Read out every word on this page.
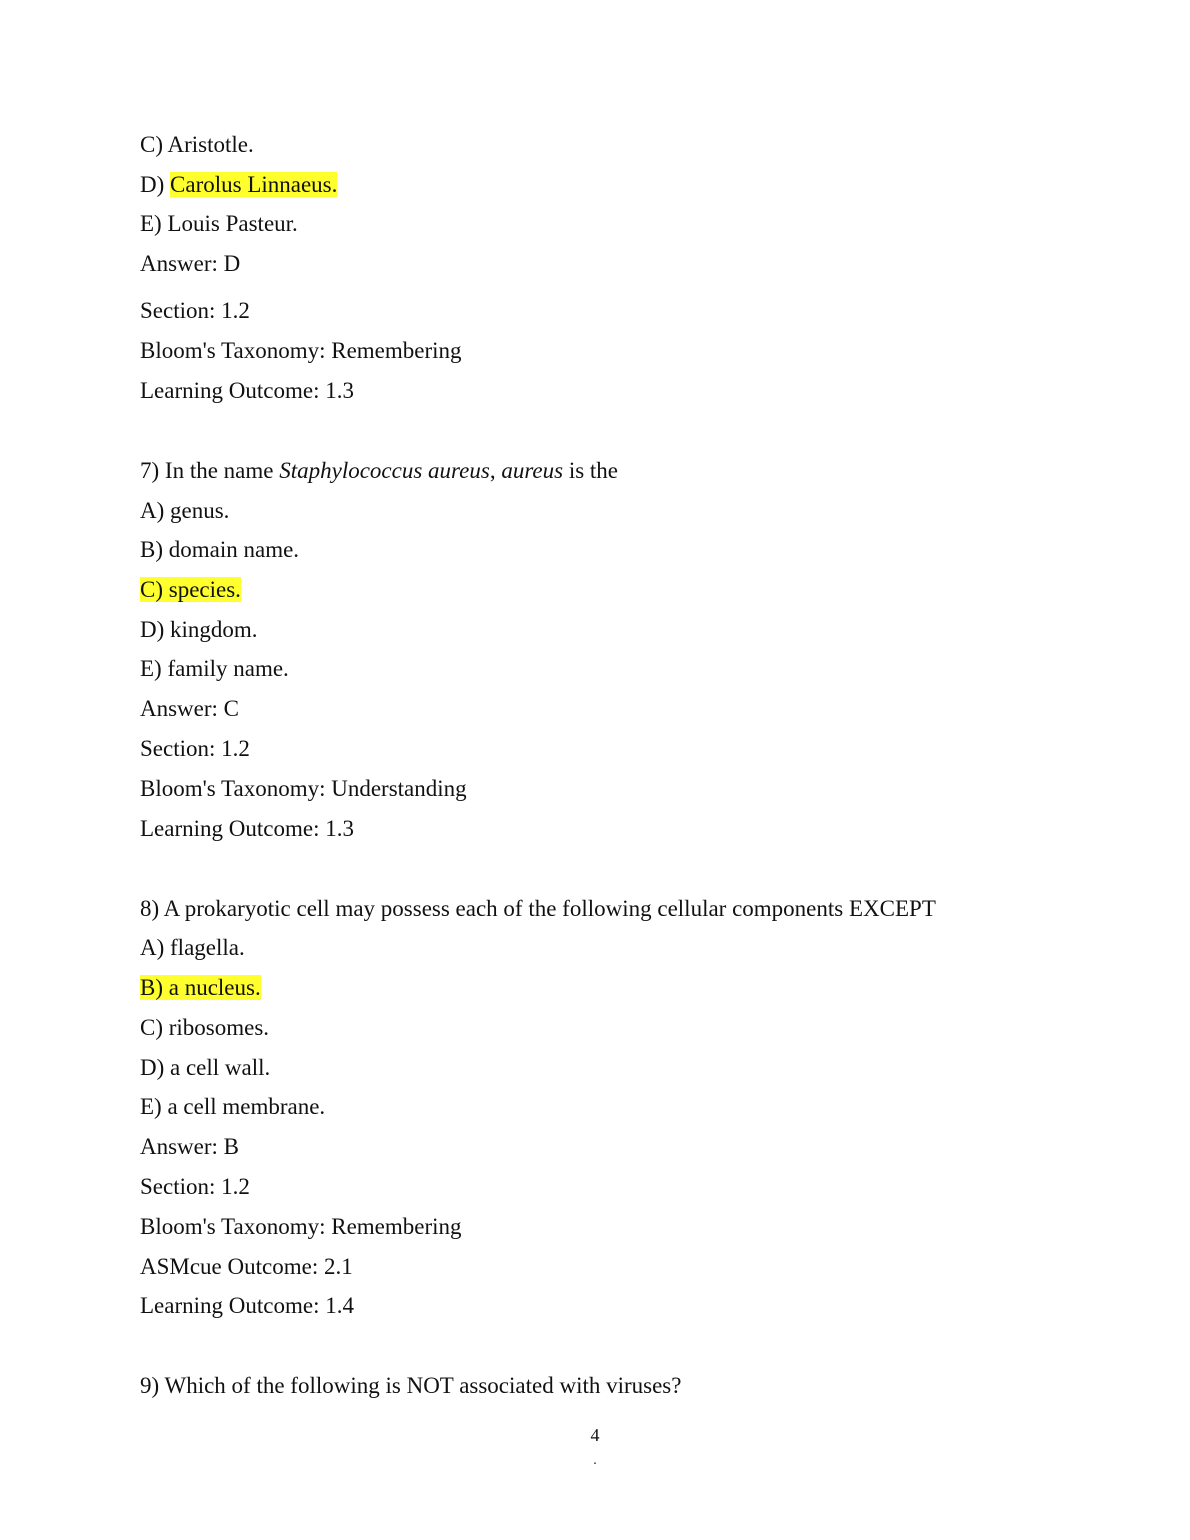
C) Aristotle.
D) Carolus Linnaeus.
E) Louis Pasteur.
Answer: D
Section: 1.2
Bloom's Taxonomy: Remembering
Learning Outcome: 1.3
7) In the name Staphylococcus aureus, aureus is the
A) genus.
B) domain name.
C) species.
D) kingdom.
E) family name.
Answer: C
Section: 1.2
Bloom's Taxonomy: Understanding
Learning Outcome: 1.3
8) A prokaryotic cell may possess each of the following cellular components EXCEPT
A) flagella.
B) a nucleus.
C) ribosomes.
D) a cell wall.
E) a cell membrane.
Answer: B
Section: 1.2
Bloom's Taxonomy: Remembering
ASMcue Outcome: 2.1
Learning Outcome: 1.4
9) Which of the following is NOT associated with viruses?
4
.
